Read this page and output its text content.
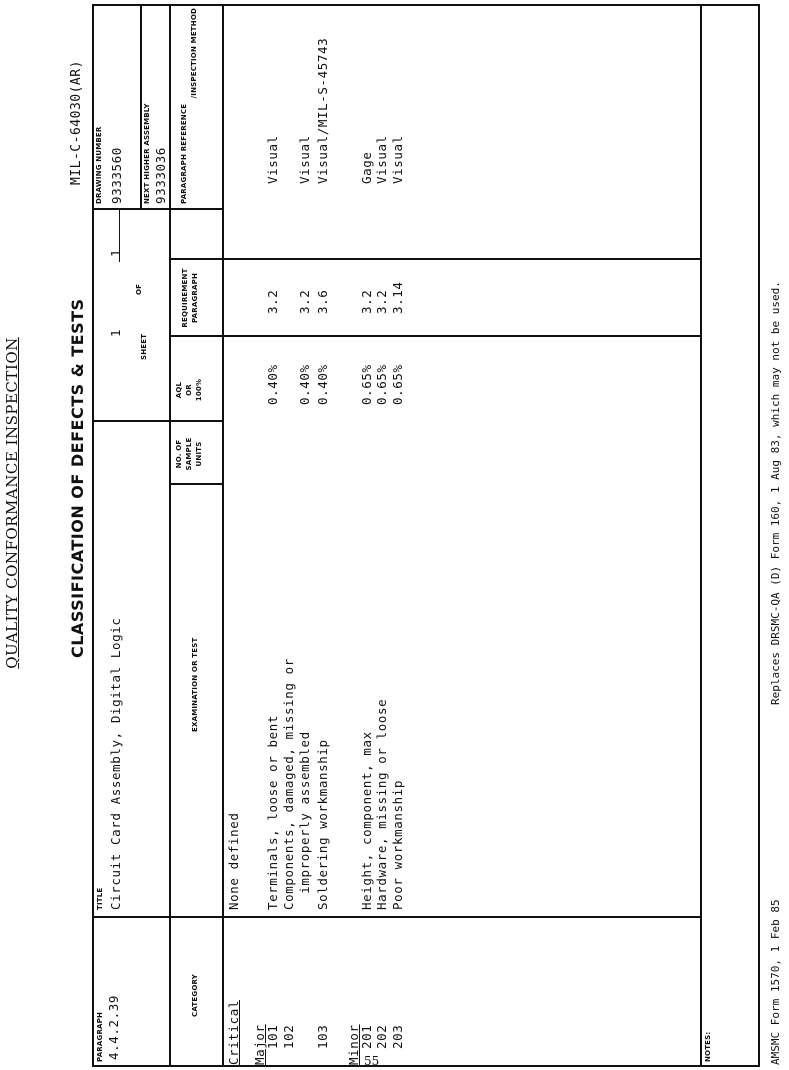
QUALITY CONFORMANCE INSPECTION
55
CLASSIFICATION OF DEFECTS & TESTS
MIL-C-64030(AR)
PARAGRAPH 4.4.2.39
TITLE Circuit Card Assembly, Digital Logic
SHEET
1
OF
1
DRAWING NUMBER 9333560	NEXT HIGHER ASSEMBLY 9333036
CATEGORY
EXAMINATION OR TEST
NO. OF SAMPLE UNITS
AQL OR 100%
REQUIREMENT PARAGRAPH
PARAGRAPH REFERENCE
/INSPECTION METHOD
Critical
None defined
Major
101
Terminals, loose or bent
0.40%
3.2
Visual
102
Components, damaged, missing or improperly assembled
0.40%
3.2
Visual
103
Soldering workmanship
0.40%
3.6
Visual/MIL-S-45743
Minor
201
Height, component, max
0.65%
3.2
Gage
202
Hardware, missing or loose
0.65%
3.2
Visual
203
Poor workmanship
0.65%
3.14
Visual
NOTES:	AMSMC Form 1570, 1 Feb 85
Replaces DRSMC-QA (D) Form 160, 1 Aug 83, which may not be used.
